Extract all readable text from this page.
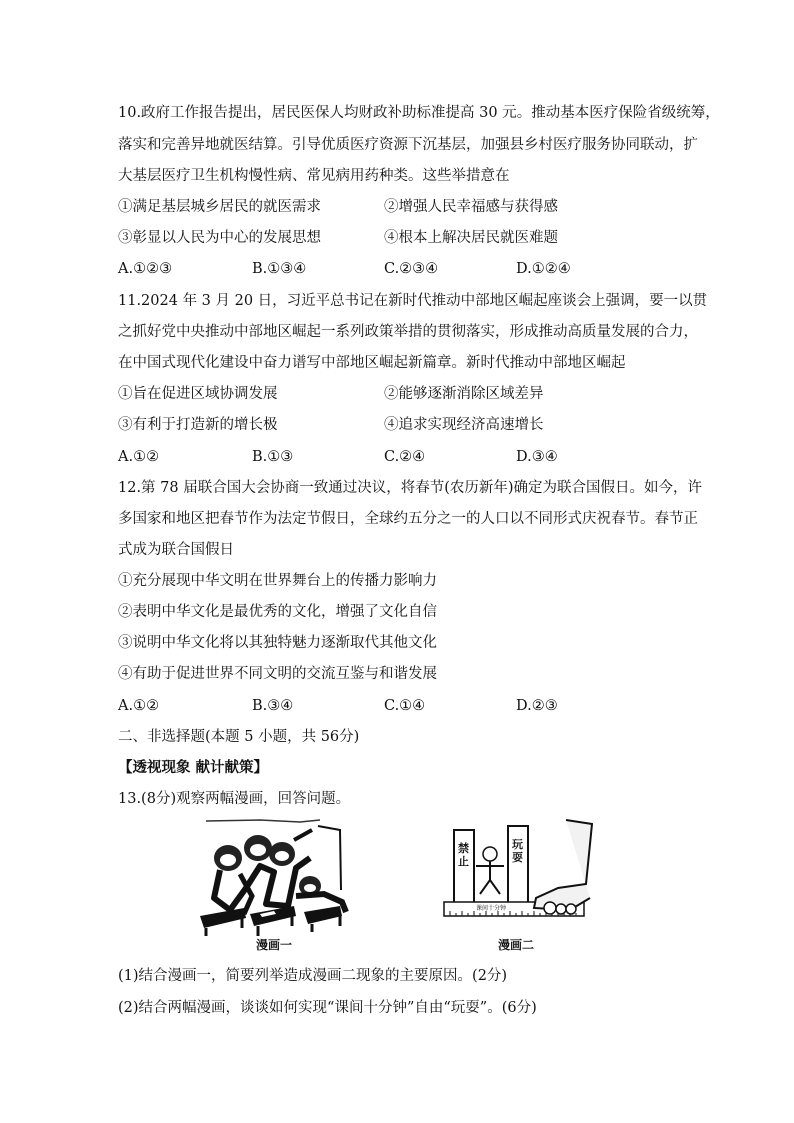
10.政府工作报告提出，居民医保人均财政补助标准提高 30 元。推动基本医疗保险省级统筹，
落实和完善异地就医结算。引导优质医疗资源下沉基层，加强县乡村医疗服务协同联动，扩
大基层医疗卫生机构慢性病、常见病用药种类。这些举措意在
①满足基层城乡居民的就医需求	②增强人民幸福感与获得感
③彰显以人民为中心的发展思想	④根本上解决居民就医难题
A.①②③	B.①③④	C.②③④	D.①②④
11.2024 年 3 月 20 日，习近平总书记在新时代推动中部地区崛起座谈会上强调，要一以贯
之抓好党中央推动中部地区崛起一系列政策举措的贯彻落实，形成推动高质量发展的合力，
在中国式现代化建设中奋力谱写中部地区崛起新篇章。新时代推动中部地区崛起
①旨在促进区域协调发展	②能够逐渐消除区域差异
③有利于打造新的增长极	④追求实现经济高速增长
A.①②	B.①③	C.②④	D.③④
12.第 78 届联合国大会协商一致通过决议，将春节(农历新年)确定为联合国假日。如今，许
多国家和地区把春节作为法定节假日，全球约五分之一的人口以不同形式庆祝春节。春节正
式成为联合国假日
①充分展现中华文明在世界舞台上的传播力影响力
②表明中华文化是最优秀的文化，增强了文化自信
③说明中华文化将以其独特魅力逐渐取代其他文化
④有助于促进世界不同文明的交流互鉴与和谐发展
A.①②	B.③④	C.①④	D.②③
二、非选择题(本题 5 小题，共 56分)
【透视现象 献计献策】
13.(8分)观察两幅漫画，回答问题。
漫画一
禁止
玩耍
课间十分钟
漫画二
(1)结合漫画一，简要列举造成漫画二现象的主要原因。(2分)
(2)结合两幅漫画，谈谈如何实现“课间十分钟”自由“玩耍”。(6分)
